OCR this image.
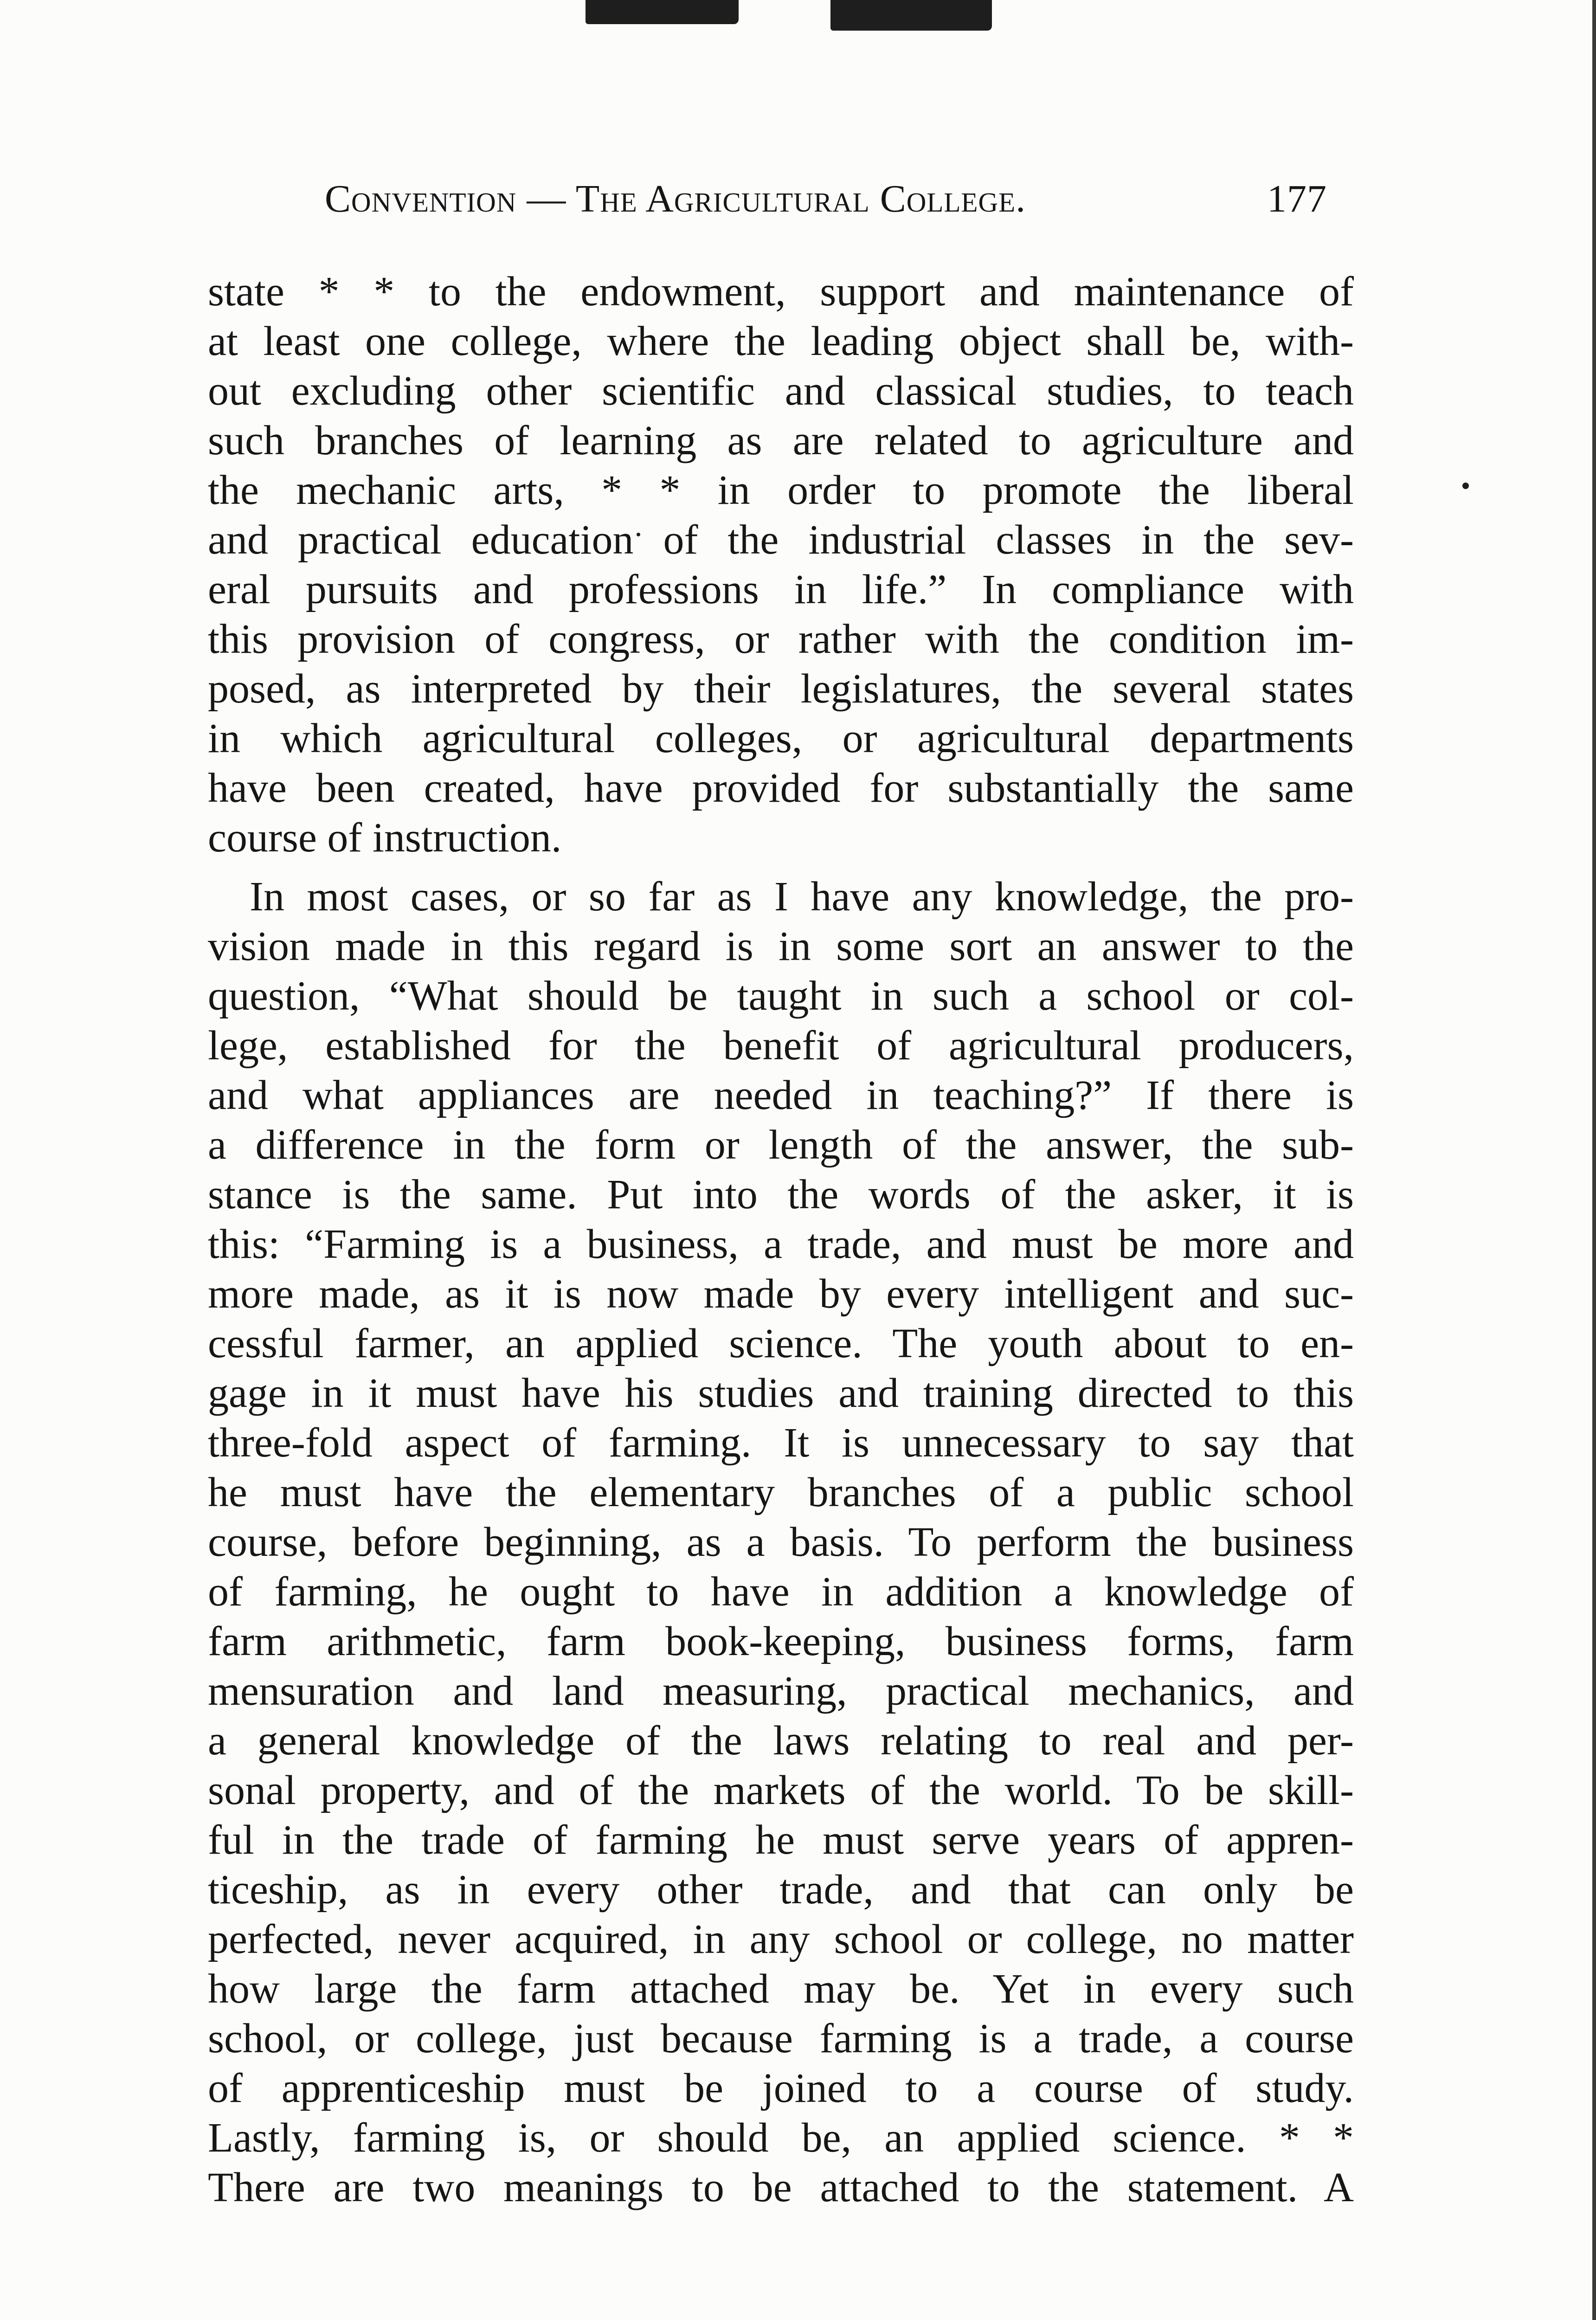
Convention — The Agricultural College.	177
state * * to the endowment, support and maintenance of
at least one college, where the leading object shall be, with-
out excluding other scientific and classical studies, to teach
such branches of learning as are related to agriculture and
the mechanic arts, * * in order to promote the liberal
and practical education of the industrial classes in the sev-
eral pursuits and professions in life.” In compliance with
this provision of congress, or rather with the condition im-
posed, as interpreted by their legislatures, the several states
in which agricultural colleges, or agricultural departments
have been created, have provided for substantially the same
course of instruction.
In most cases, or so far as I have any knowledge, the pro-
vision made in this regard is in some sort an answer to the
question, “What should be taught in such a school or col-
lege, established for the benefit of agricultural producers,
and what appliances are needed in teaching?” If there is
a difference in the form or length of the answer, the sub-
stance is the same. Put into the words of the asker, it is
this: “Farming is a business, a trade, and must be more and
more made, as it is now made by every intelligent and suc-
cessful farmer, an applied science. The youth about to en-
gage in it must have his studies and training directed to this
three-fold aspect of farming. It is unnecessary to say that
he must have the elementary branches of a public school
course, before beginning, as a basis. To perform the business
of farming, he ought to have in addition a knowledge of
farm arithmetic, farm book-keeping, business forms, farm
mensuration and land measuring, practical mechanics, and
a general knowledge of the laws relating to real and per-
sonal property, and of the markets of the world. To be skill-
ful in the trade of farming he must serve years of appren-
ticeship, as in every other trade, and that can only be
perfected, never acquired, in any school or college, no matter
how large the farm attached may be. Yet in every such
school, or college, just because farming is a trade, a course
of apprenticeship must be joined to a course of study.
Lastly, farming is, or should be, an applied science. * *
There are two meanings to be attached to the statement. A
